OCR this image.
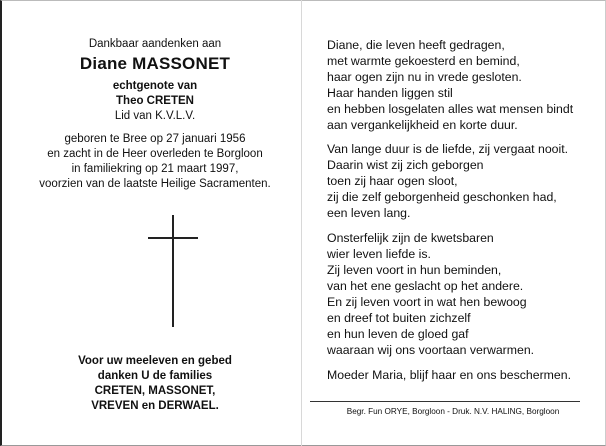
Dankbaar aandenken aan
Diane MASSONET
echtgenote van
Theo CRETEN
Lid van K.V.L.V.
geboren te Bree op 27 januari 1956
en zacht in de Heer overleden te Borgloon
in familiekring op 21 maart 1997,
voorzien van de laatste Heilige Sacramenten.
Voor uw meeleven en gebed
danken U de families
CRETEN, MASSONET,
VREVEN en DERWAEL.
Diane, die leven heeft gedragen,
met warmte gekoesterd en bemind,
haar ogen zijn nu in vrede gesloten.
Haar handen liggen stil
en hebben losgelaten alles wat mensen bindt
aan vergankelijkheid en korte duur.
Van lange duur is de liefde, zij vergaat nooit.
Daarin wist zij zich geborgen
toen zij haar ogen sloot,
zij die zelf geborgenheid geschonken had,
een leven lang.
Onsterfelijk zijn de kwetsbaren
wier leven liefde is.
Zij leven voort in hun beminden,
van het ene geslacht op het andere.
En zij leven voort in wat hen bewoog
en dreef tot buiten zichzelf
en hun leven de gloed gaf
waaraan wij ons voortaan verwarmen.
Moeder Maria, blijf haar en ons beschermen.
Begr. Fun ORYE, Borgloon - Druk. N.V. HALING, Borgloon
